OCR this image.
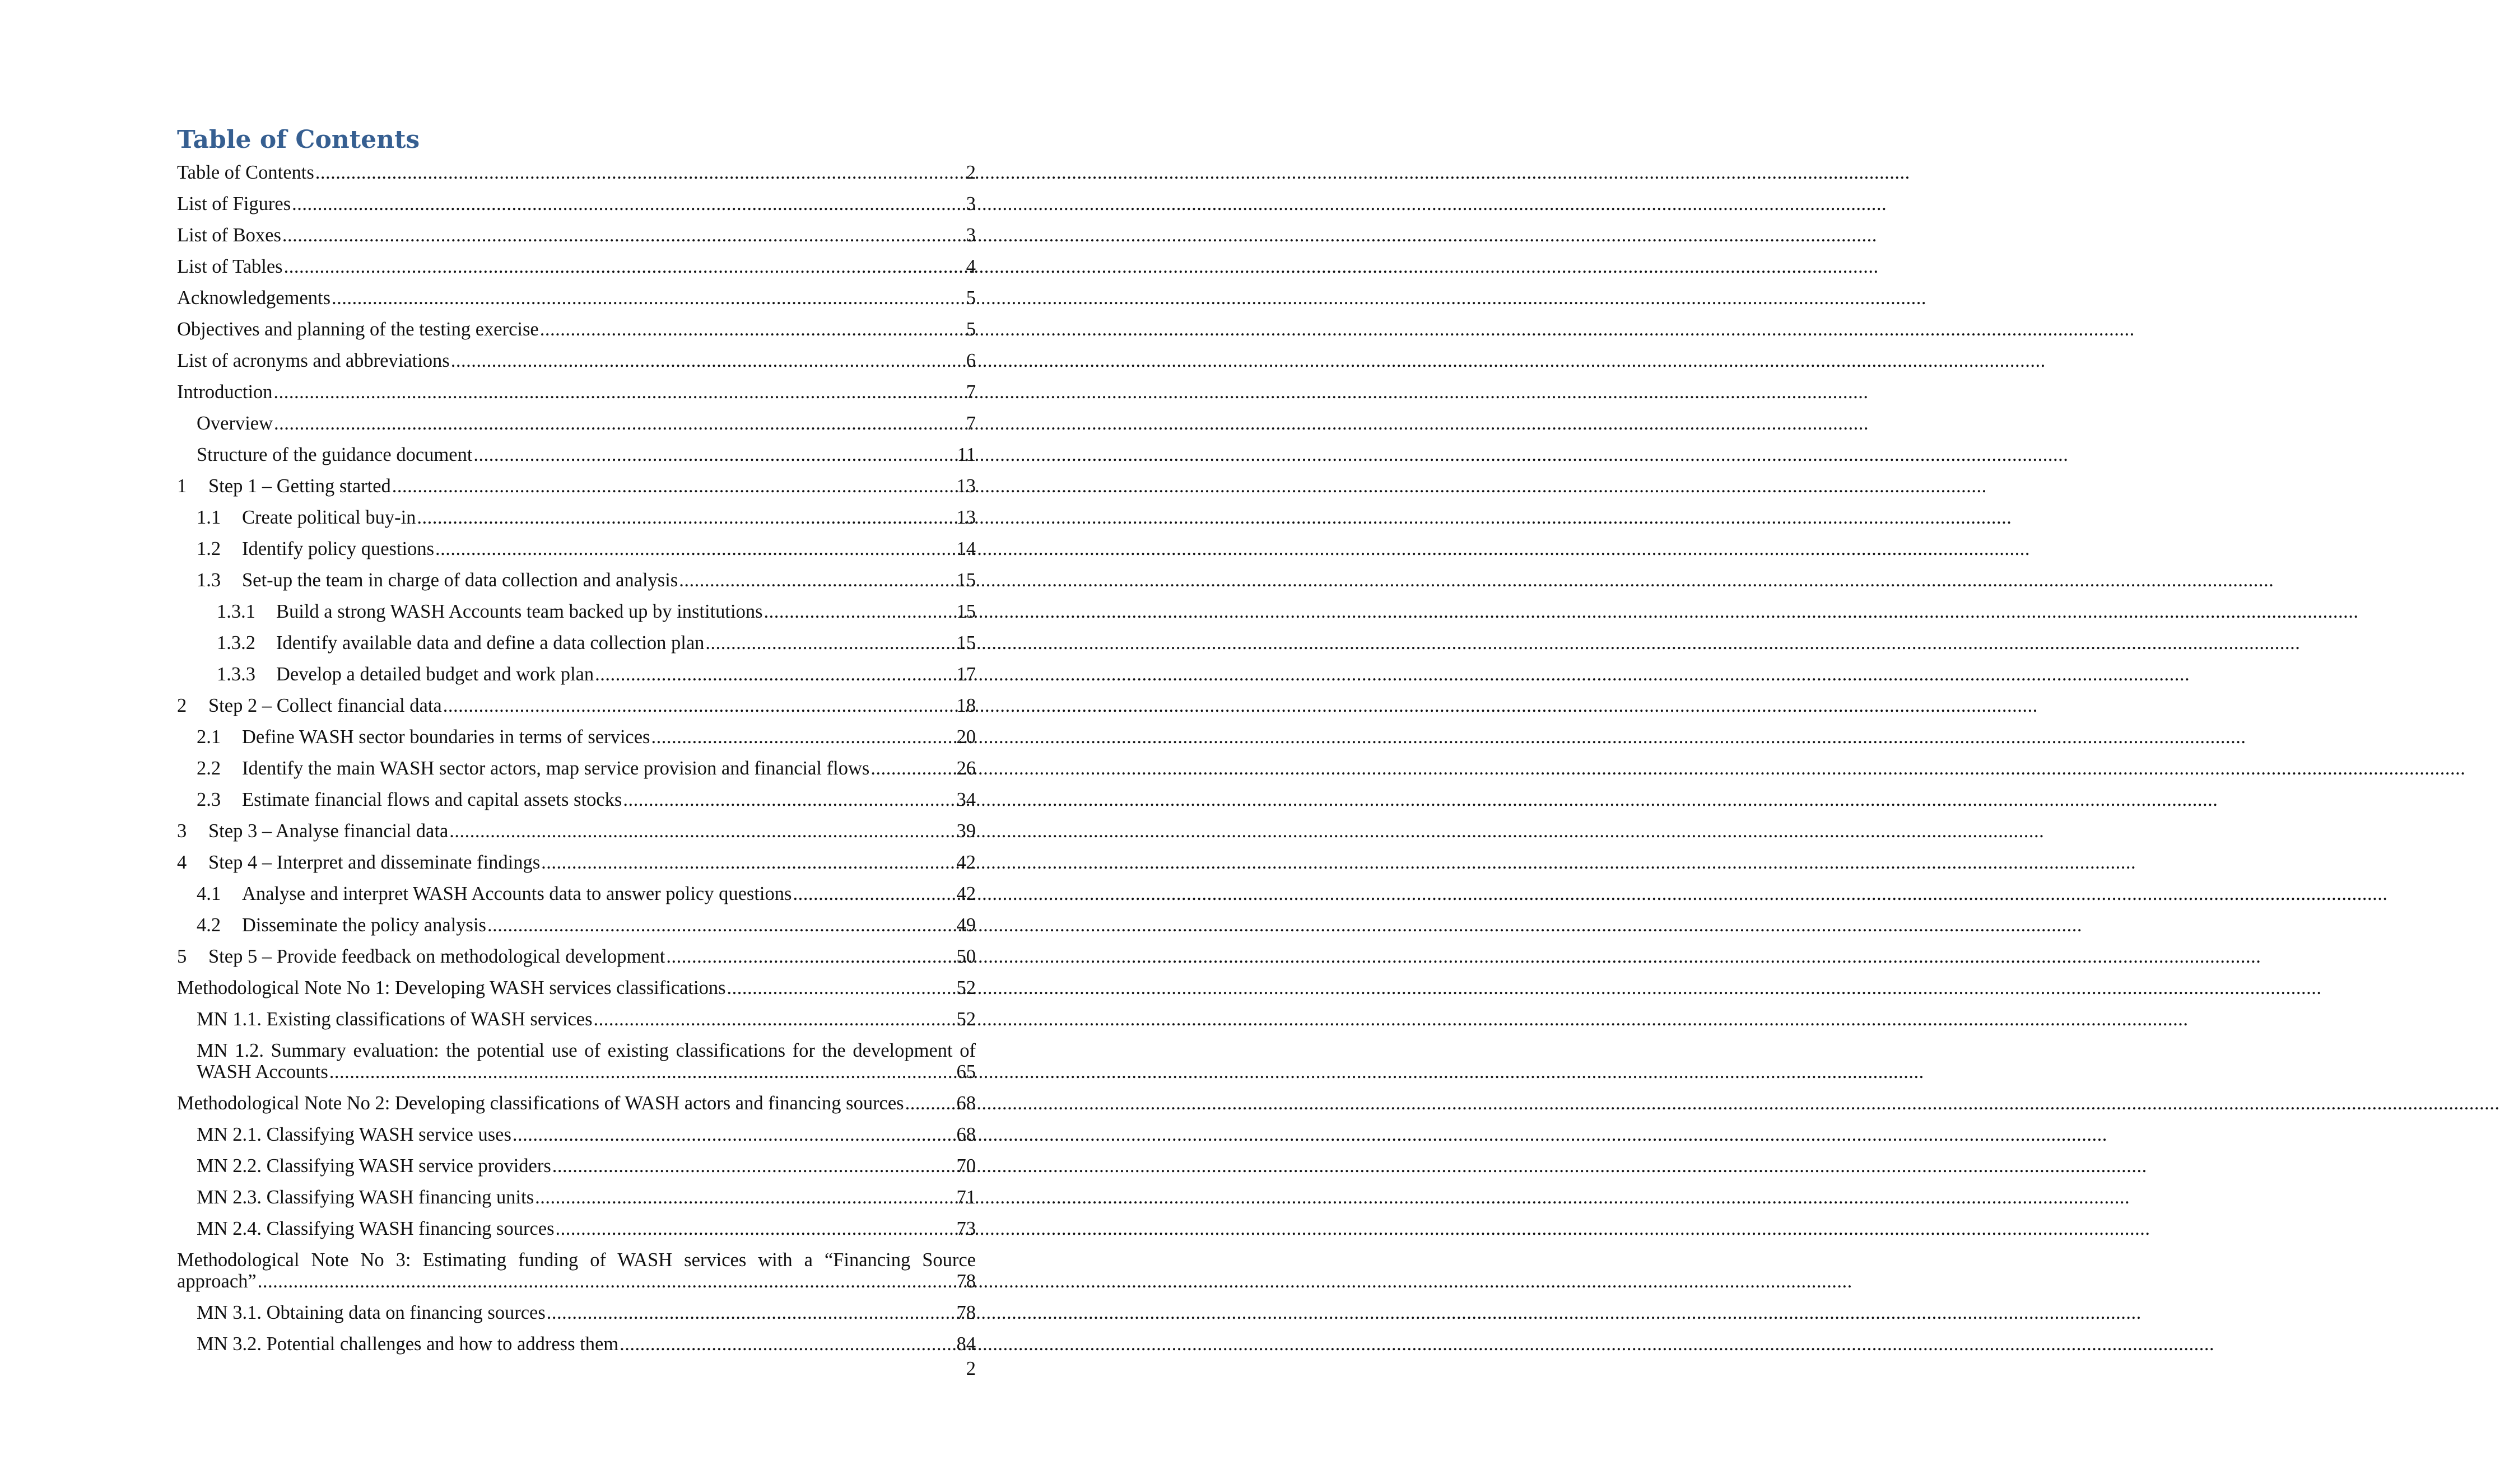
Table of Contents
Table of Contents .....	2
List of Figures .....	3
List of Boxes .....	3
List of Tables .....	4
Acknowledgements .....	5
Objectives and planning of the testing exercise .....	5
List of acronyms and abbreviations .....	6
Introduction .....	7
Overview .....	7
Structure of the guidance document .....	11
1	Step 1 – Getting started .....	13
1.1	Create political buy-in .....	13
1.2	Identify policy questions .....	14
1.3	Set-up the team in charge of data collection and analysis .....	15
1.3.1	Build a strong WASH Accounts team backed up by institutions .....	15
1.3.2	Identify available data and define a data collection plan .....	15
1.3.3	Develop a detailed budget and work plan .....	17
2	Step 2 – Collect financial data .....	18
2.1	Define WASH sector boundaries in terms of services .....	20
2.2	Identify the main WASH sector actors, map service provision and financial flows .....	26
2.3	Estimate financial flows and capital assets stocks .....	34
3	Step 3 – Analyse financial data .....	39
4	Step 4 – Interpret and disseminate findings .....	42
4.1	Analyse and interpret WASH Accounts data to answer policy questions .....	42
4.2	Disseminate the policy analysis .....	49
5	Step 5 – Provide feedback on methodological development .....	50
Methodological Note No 1: Developing WASH services classifications .....	52
MN 1.1. Existing classifications of WASH services .....	52
MN 1.2. Summary evaluation: the potential use of existing classifications for the development of
WASH Accounts .....	65
Methodological Note No 2: Developing classifications of WASH actors and financing sources .....	68
MN 2.1. Classifying WASH service uses .....	68
MN 2.2. Classifying WASH service providers .....	70
MN 2.3. Classifying WASH financing units .....	71
MN 2.4. Classifying WASH financing sources .....	73
Methodological Note No 3: Estimating funding of WASH services with a “Financing Source
approach” .....	78
MN 3.1. Obtaining data on financing sources .....	78
MN 3.2. Potential challenges and how to address them .....	84
2
